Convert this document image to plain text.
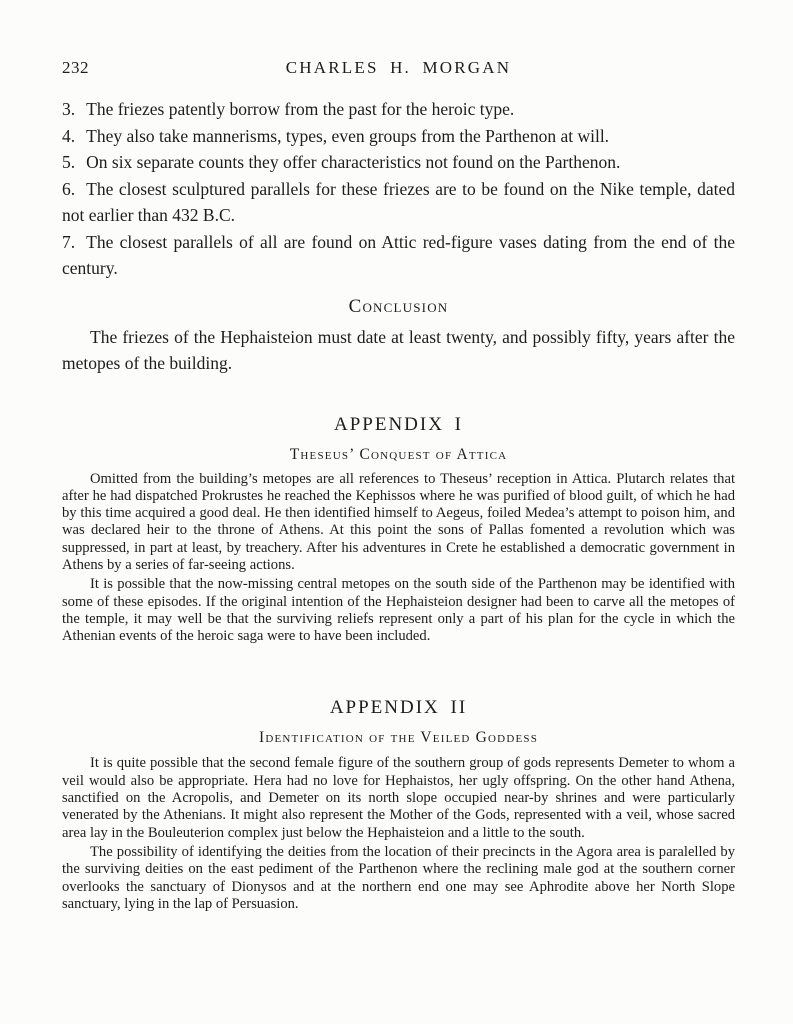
232	CHARLES H. MORGAN
3. The friezes patently borrow from the past for the heroic type.
4. They also take mannerisms, types, even groups from the Parthenon at will.
5. On six separate counts they offer characteristics not found on the Parthenon.
6. The closest sculptured parallels for these friezes are to be found on the Nike temple, dated not earlier than 432 B.C.
7. The closest parallels of all are found on Attic red-figure vases dating from the end of the century.
Conclusion

The friezes of the Hephaisteion must date at least twenty, and possibly fifty, years after the metopes of the building.

APPENDIX I
Theseus’ Conquest of Attica

Omitted from the building’s metopes are all references to Theseus’ reception in Attica. Plutarch relates that after he had dispatched Prokrustes he reached the Kephissos where he was purified of blood guilt, of which he had by this time acquired a good deal. He then identified himself to Aegeus, foiled Medea’s attempt to poison him, and was declared heir to the throne of Athens. At this point the sons of Pallas fomented a revolution which was suppressed, in part at least, by treachery. After his adventures in Crete he established a democratic government in Athens by a series of far-seeing actions.

It is possible that the now-missing central metopes on the south side of the Parthenon may be identified with some of these episodes. If the original intention of the Hephaisteion designer had been to carve all the metopes of the temple, it may well be that the surviving reliefs represent only a part of his plan for the cycle in which the Athenian events of the heroic saga were to have been included.

APPENDIX II
Identification of the Veiled Goddess

It is quite possible that the second female figure of the southern group of gods represents Demeter to whom a veil would also be appropriate. Hera had no love for Hephaistos, her ugly offspring. On the other hand Athena, sanctified on the Acropolis, and Demeter on its north slope occupied near-by shrines and were particularly venerated by the Athenians. It might also represent the Mother of the Gods, represented with a veil, whose sacred area lay in the Bouleuterion complex just below the Hephaisteion and a little to the south.

The possibility of identifying the deities from the location of their precincts in the Agora area is paralelled by the surviving deities on the east pediment of the Parthenon where the reclining male god at the southern corner overlooks the sanctuary of Dionysos and at the northern end one may see Aphrodite above her North Slope sanctuary, lying in the lap of Persuasion.
